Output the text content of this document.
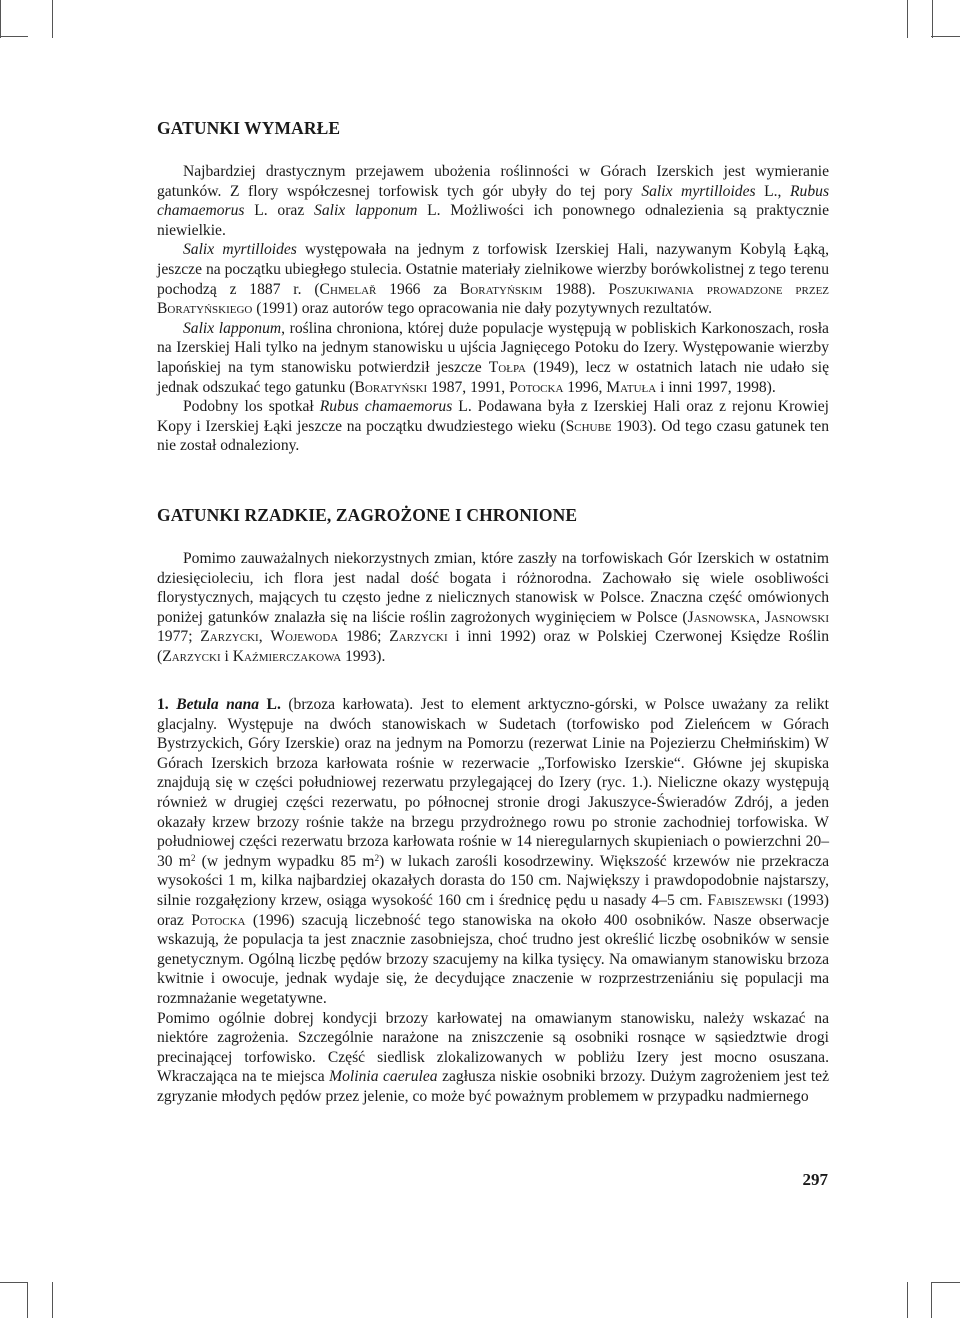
GATUNKI WYMARŁE

Najbardziej drastycznym przejawem ubożenia roślinności w Górach Izerskich jest wymieranie gatunków. Z flory współczesnej torfowisk tych gór ubyły do tej pory Salix myrtilloides L., Rubus chamaemorus L. oraz Salix lapponum L. Możliwości ich ponownego odnalezienia są praktycznie niewielkie.

Salix myrtilloides występowała na jednym z torfowisk Izerskiej Hali, nazywanym Kobylą Łąką, jeszcze na początku ubiegłego stulecia. Ostatnie materiały zielnikowe wierzby borówkolistnej z tego terenu pochodzą z 1887 r. (Chmelař 1966 za Boratyńskim 1988). Poszukiwania prowadzone przez Boratyńskiego (1991) oraz autorów tego opracowania nie dały pozytywnych rezultatów.

Salix lapponum, roślina chroniona, której duże populacje występują w pobliskich Karkonoszach, rosła na Izerskiej Hali tylko na jednym stanowisku u ujścia Jagnięcego Potoku do Izery. Występowanie wierzby lapońskiej na tym stanowisku potwierdził jeszcze Tołpa (1949), lecz w ostatnich latach nie udało się jednak odszukać tego gatunku (Boratyński 1987, 1991, Potocka 1996, Matuła i inni 1997, 1998).

Podobny los spotkał Rubus chamaemorus L. Podawana była z Izerskiej Hali oraz z rejonu Krowiej Kopy i Izerskiej Łąki jeszcze na początku dwudziestego wieku (Schube 1903). Od tego czasu gatunek ten nie został odnaleziony.

GATUNKI RZADKIE, ZAGROŻONE I CHRONIONE

Pomimo zauważalnych niekorzystnych zmian, które zaszły na torfowiskach Gór Izerskich w ostatnim dziesięcioleciu, ich flora jest nadal dość bogata i różnorodna. Zachowało się wiele osobliwości florystycznych, mających tu często jedne z nielicznych stanowisk w Polsce. Znaczna część omówionych poniżej gatunków znalazła się na liście roślin zagrożonych wyginięciem w Polsce (Jasnowska, Jasnowski 1977; Zarzycki, Wojewoda 1986; Zarzycki i inni 1992) oraz w Polskiej Czerwonej Księdze Roślin (Zarzycki i Kaźmierczakowa 1993).

1. Betula nana L. (brzoza karłowata). Jest to element arktyczno-górski, w Polsce uważany za relikt glacjalny. Występuje na dwóch stanowiskach w Sudetach (torfowisko pod Zieleńcem w Górach Bystrzyckich, Góry Izerskie) oraz na jednym na Pomorzu (rezerwat Linie na Pojezierzu Chełmińskim) W Górach Izerskich brzoza karłowata rośnie w rezerwacie „Torfowisko Izerskie“. Główne jej skupiska znajdują się w części południowej rezerwatu przylegającej do Izery (ryc. 1.). Nieliczne okazy występują również w drugiej części rezerwatu, po północnej stronie drogi Jakuszyce-Świeradów Zdrój, a jeden okazały krzew brzozy rośnie także na brzegu przydrożnego rowu po stronie zachodniej torfowiska. W południowej części rezerwatu brzoza karłowata rośnie w 14 nieregularnych skupieniach o powierzchni 20–30 $m^2$ (w jednym wypadku 85 $m^2$) w lukach zarośli kosodrzewiny. Większość krzewów nie przekracza wysokości 1 m, kilka najbardziej okazałych dorasta do 150 cm. Największy i prawdopodobnie najstarszy, silnie rozgałęziony krzew, osiąga wysokość 160 cm i średnicę pędu u nasady 4–5 cm. Fabiszewski (1993) oraz Potocka (1996) szacują liczebność tego stanowiska na około 400 osobników. Nasze obserwacje wskazują, że populacja ta jest znacznie zasobniejsza, choć trudno jest określić liczbę osobników w sensie genetycznym. Ogólną liczbę pędów brzozy szacujemy na kilka tysięcy. Na omawianym stanowisku brzoza kwitnie i owocuje, jednak wydaje się, że decydujące znaczenie w rozprzestrzeniániu się populacji ma rozmnażanie wegetatywne.

Pomimo ogólnie dobrej kondycji brzozy karłowatej na omawianym stanowisku, należy wskazać na niektóre zagrożenia. Szczególnie narażone na zniszczenie są osobniki rosnące w sąsiedztwie drogi precinającej torfowisko. Część siedlisk zlokalizowanych w pobliżu Izery jest mocno osuszana. Wkraczająca na te miejsca Molinia caerulea zagłusza niskie osobniki brzozy. Dużym zagrożeniem jest też zgryzanie młodych pędów przez jelenie, co może być poważnym problemem w przypadku nadmiernego

297
